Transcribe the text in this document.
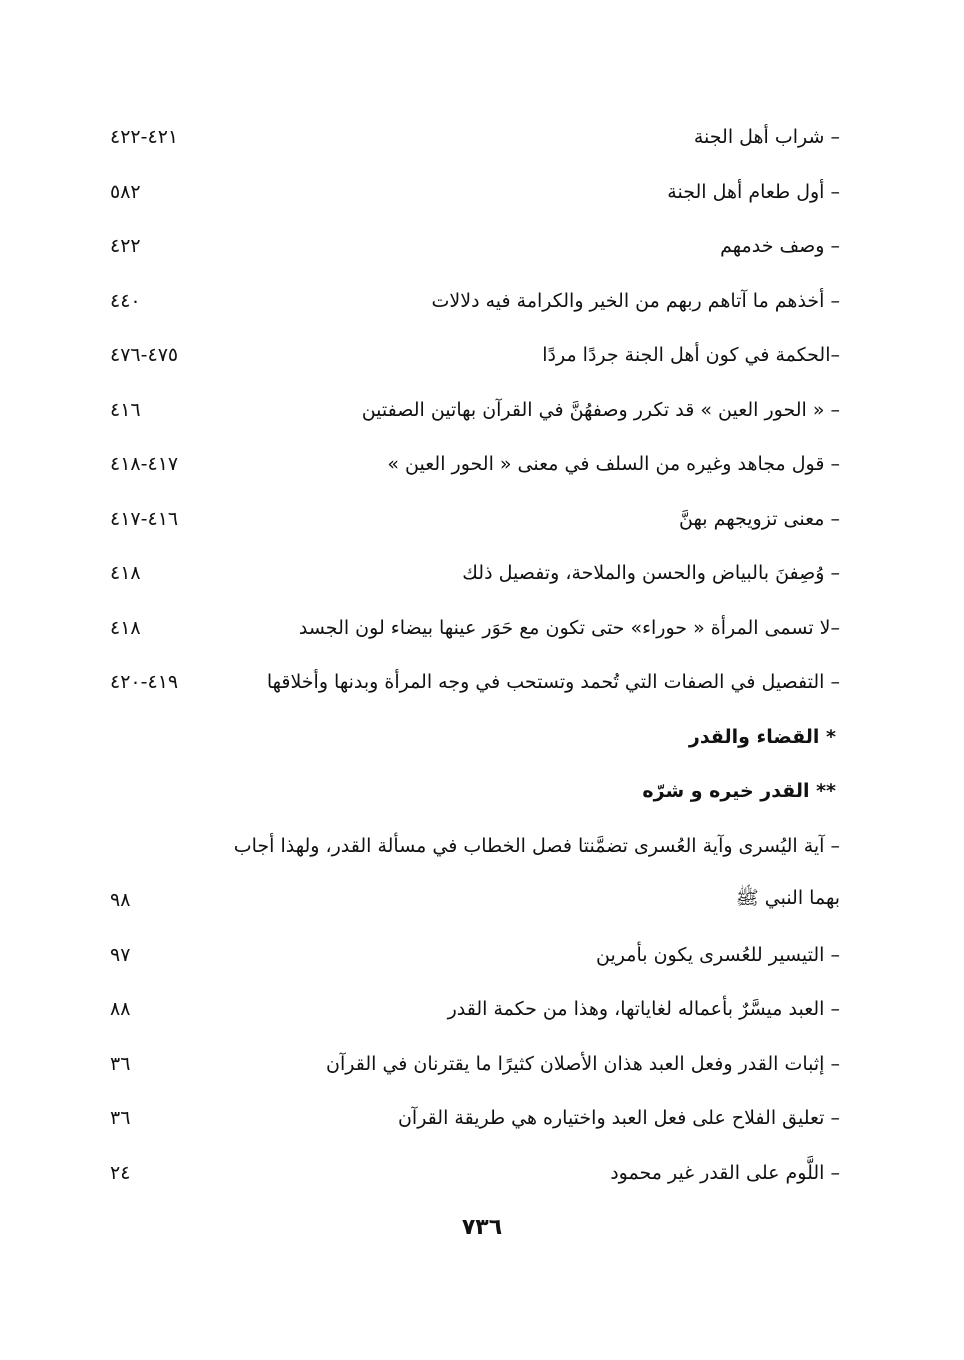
– شراب أهل الجنة
٤٢١-٤٢٢
– أول طعام أهل الجنة
٥٨٢
– وصف خدمهم
٤٢٢
– أخذهم ما آتاهم ربهم من الخير والكرامة فيه دلالات
٤٤٠
–الحكمة في كون أهل الجنة جردًا مردًا
٤٧٥-٤٧٦
– « الحور العين » قد تكرر وصفهُنَّ في القرآن بهاتين الصفتين
٤١٦
– قول مجاهد وغيره من السلف في معنى « الحور العين »
٤١٧-٤١٨
– معنى تزويجهم بهنَّ
٤١٦-٤١٧
– وُصِفنَ بالبياض والحسن والملاحة، وتفصيل ذلك
٤١٨
–لا تسمى المرأة « حوراء» حتى تكون مع حَوَر عينها بيضاء لون الجسد
٤١٨
– التفصيل في الصفات التي تُحمد وتستحب في وجه المرأة وبدنها وأخلاقها
٤١٩-٤٢٠
* القضاء والقدر
** القدر خيره و شرّه
– آية اليُسرى وآية العُسرى تضمَّنتا فصل الخطاب في مسألة القدر، ولهذا أجاب
بهما النبي ﷺ
٩٨
– التيسير للعُسرى يكون بأمرين
٩٧
– العبد ميسَّرٌ بأعماله لغاياتها، وهذا من حكمة القدر
٨٨
– إثبات القدر وفعل العبد هذان الأصلان كثيرًا ما يقترنان في القرآن
٣٦
– تعليق الفلاح على فعل العبد واختياره هي طريقة القرآن
٣٦
– اللَّوم على القدر غير محمود
٢٤
٧٣٦
